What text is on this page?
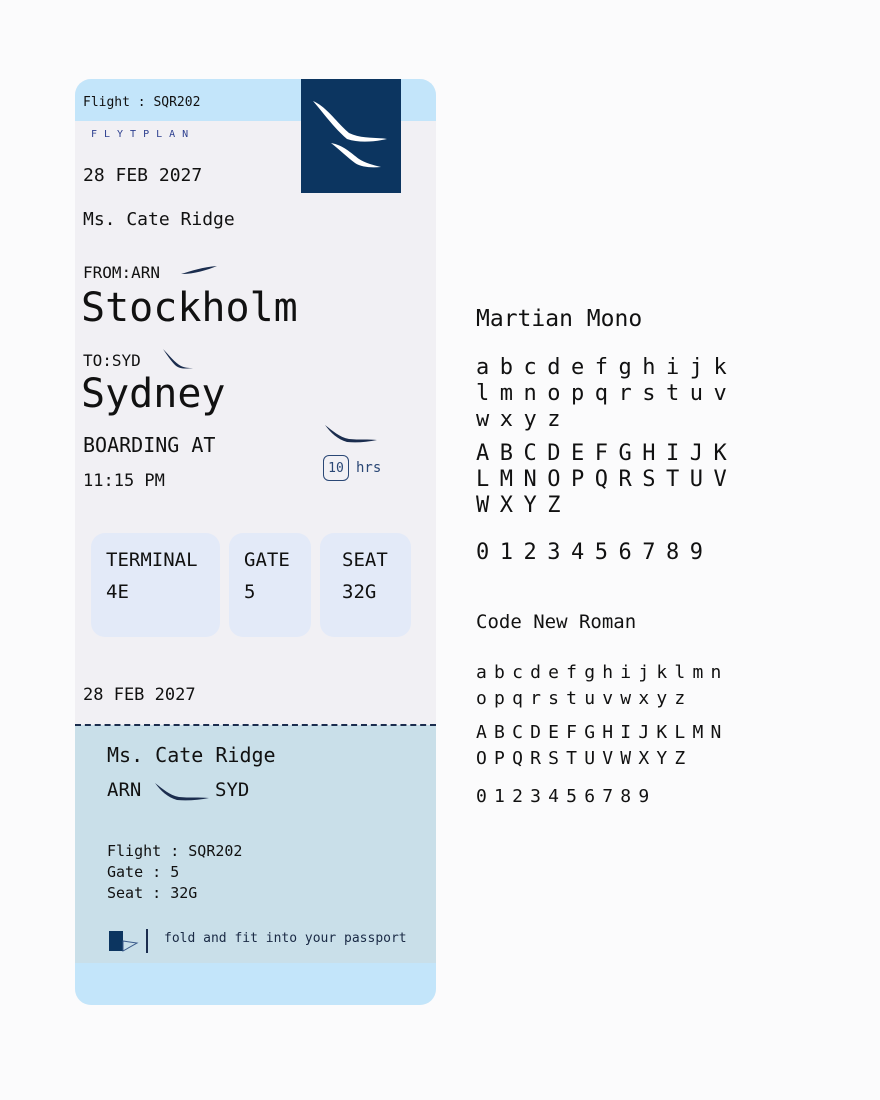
Flight : SQR202
FLYTPLAN
28 FEB 2027
Ms. Cate Ridge
FROM:ARN
Stockholm
TO:SYD
Sydney
BOARDING AT
11:15 PM
10 hrs
TERMINAL
4E
GATE
5
SEAT
32G
28 FEB 2027
Ms. Cate Ridge
ARN	SYD
Flight : SQR202
Gate : 5
Seat : 32G
fold and fit into your passport
Martian Mono
abcdefghijk
lmnopqrstuv
wxyz
ABCDEFGHIJK
LMNOPQRSTUV
WXYZ
0123456789
Code New Roman
abcdefghijklmn
opqrstuvwxyz
ABCDEFGHIJKLMN
OPQRSTUVWXYZ
0123456789
